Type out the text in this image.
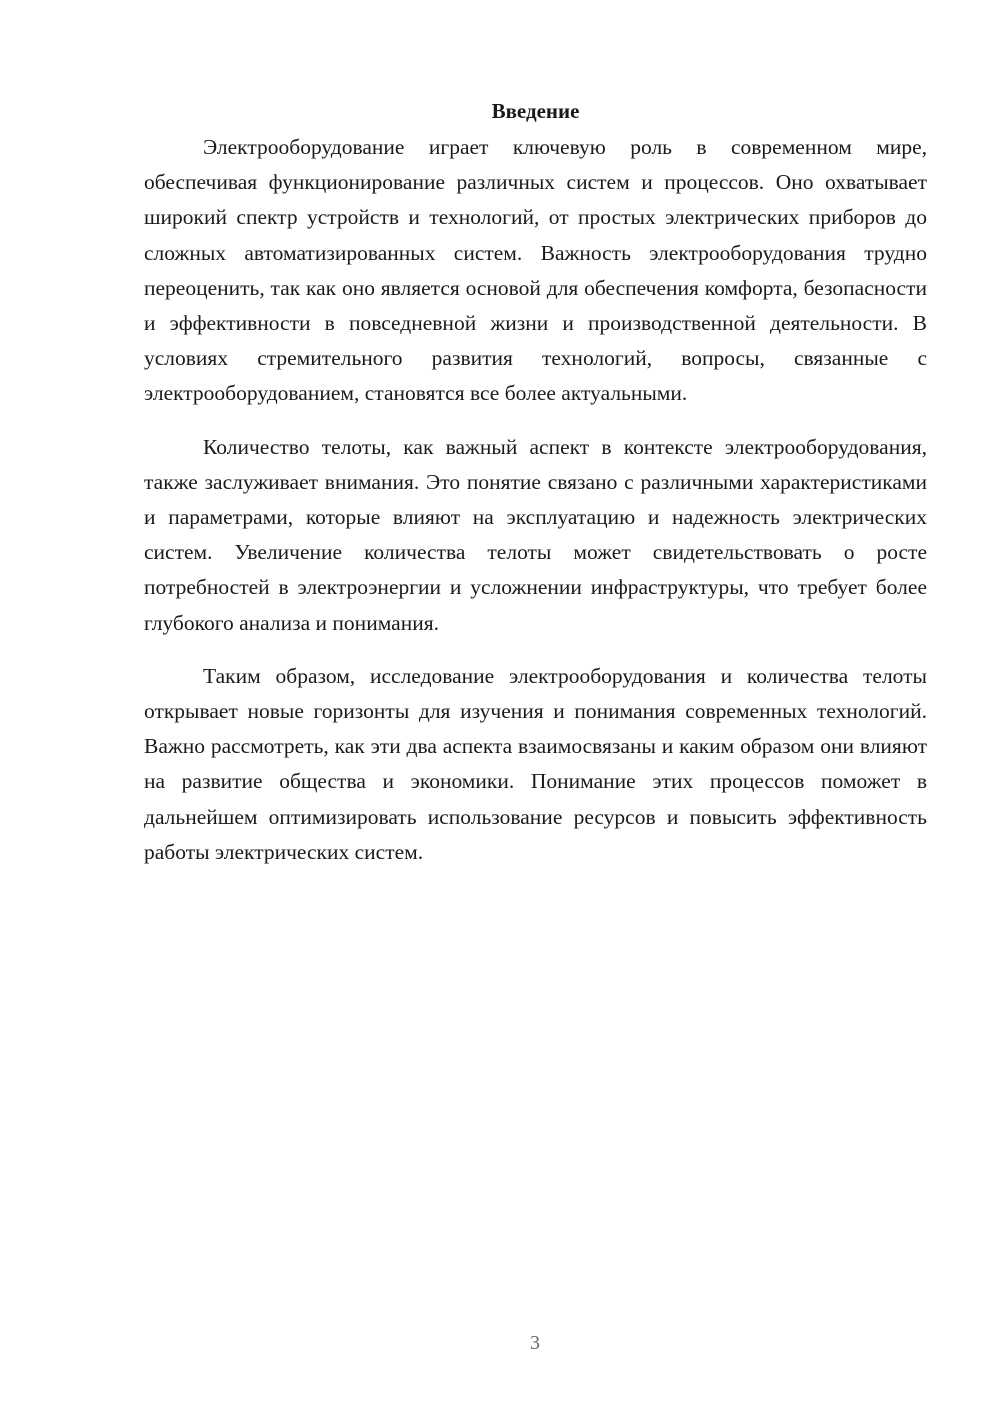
Введение

Электрооборудование играет ключевую роль в современном мире, обеспечивая функционирование различных систем и процессов. Оно охватывает широкий спектр устройств и технологий, от простых электрических приборов до сложных автоматизированных систем. Важность электрооборудования трудно переоценить, так как оно является основой для обеспечения комфорта, безопасности и эффективности в повседневной жизни и производственной деятельности. В условиях стремительного развития технологий, вопросы, связанные с электрооборудованием, становятся все более актуальными.

Количество телоты, как важный аспект в контексте электрооборудования, также заслуживает внимания. Это понятие связано с различными характеристиками и параметрами, которые влияют на эксплуатацию и надежность электрических систем. Увеличение количества телоты может свидетельствовать о росте потребностей в электроэнергии и усложнении инфраструктуры, что требует более глубокого анализа и понимания.

Таким образом, исследование электрооборудования и количества телоты открывает новые горизонты для изучения и понимания современных технологий. Важно рассмотреть, как эти два аспекта взаимосвязаны и каким образом они влияют на развитие общества и экономики. Понимание этих процессов поможет в дальнейшем оптимизировать использование ресурсов и повысить эффективность работы электрических систем.

3
